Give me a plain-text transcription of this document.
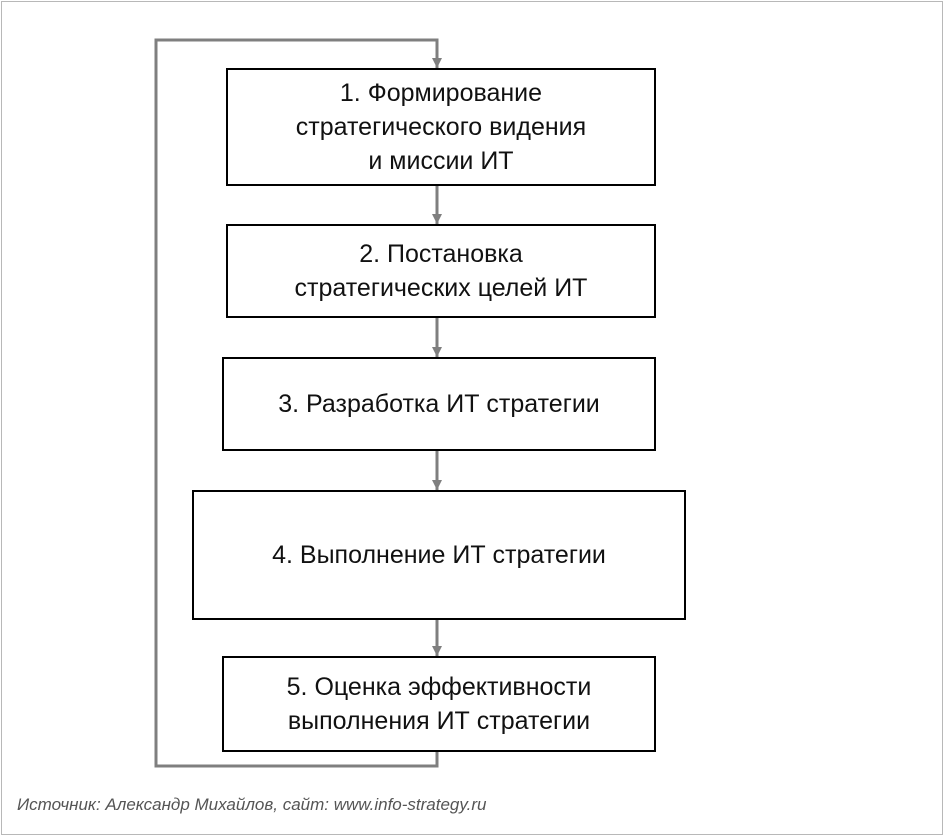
1. Формирование
стратегического видения
и миссии ИТ
2. Постановка
стратегических целей ИТ
3. Разработка ИТ стратегии
4. Выполнение ИТ стратегии
5. Оценка эффективности
выполнения ИТ стратегии
Источник: Александр Михайлов, сайт: www.info-strategy.ru
